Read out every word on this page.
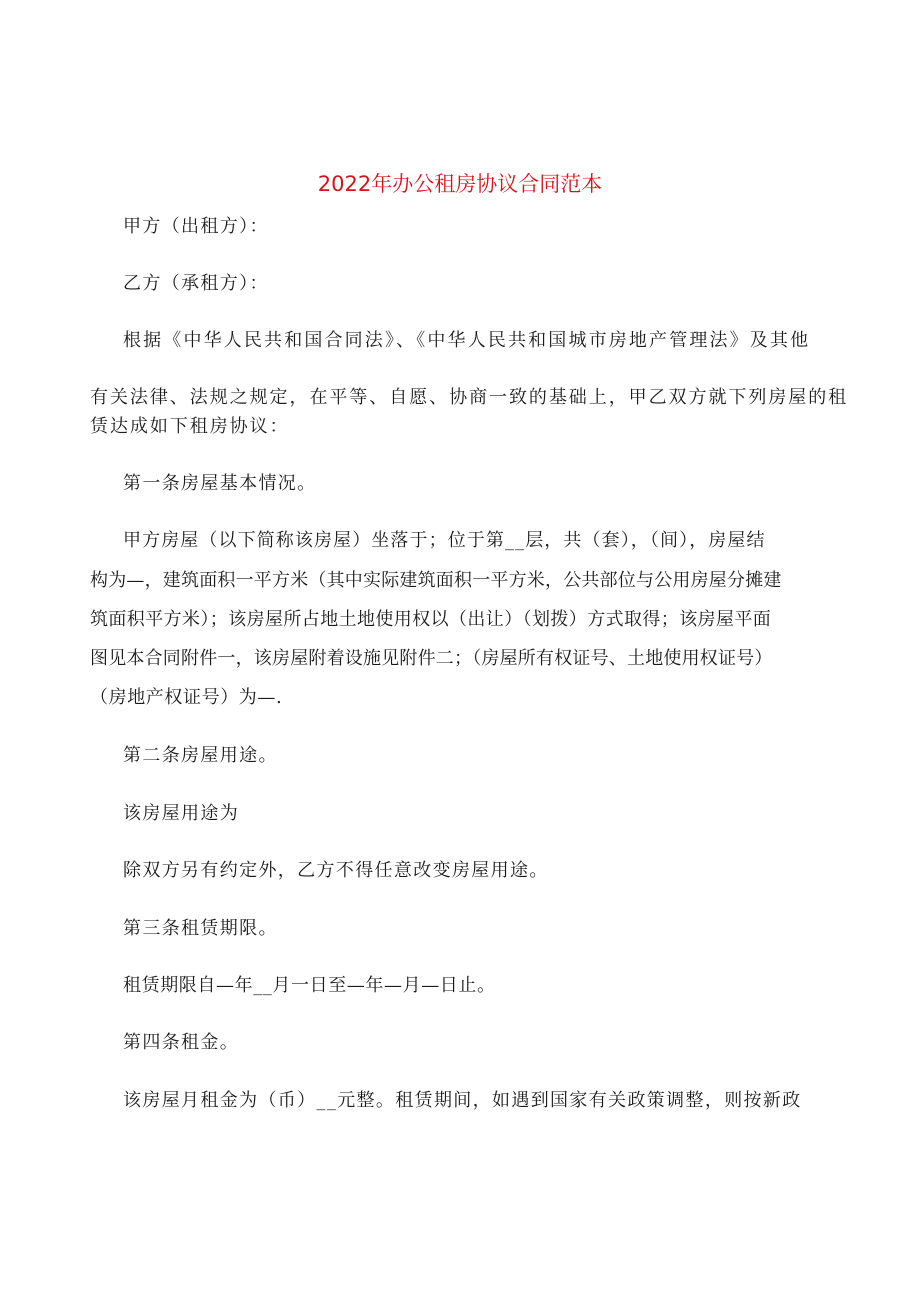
2022年办公租房协议合同范本
甲方（出租方）：
乙方（承租方）：
根据《中华人民共和国合同法》、《中华人民共和国城市房地产管理法》及其他
有关法律、法规之规定，在平等、自愿、协商一致的基础上，甲乙双方就下列房屋的租
赁达成如下租房协议：
第一条房屋基本情况。
甲方房屋（以下简称该房屋）坐落于；位于第__层，共（套），（间），房屋结
构为—，建筑面积一平方米（其中实际建筑面积一平方米，公共部位与公用房屋分摊建
筑面积平方米）；该房屋所占地土地使用权以（出让）（划拨）方式取得；该房屋平面
图见本合同附件一，该房屋附着设施见附件二；（房屋所有权证号、土地使用权证号）
（房地产权证号）为—.
第二条房屋用途。
该房屋用途为
除双方另有约定外，乙方不得任意改变房屋用途。
第三条租赁期限。
租赁期限自—年__月一日至—年—月—日止。
第四条租金。
该房屋月租金为（币）__元整。租赁期间，如遇到国家有关政策调整，则按新政
